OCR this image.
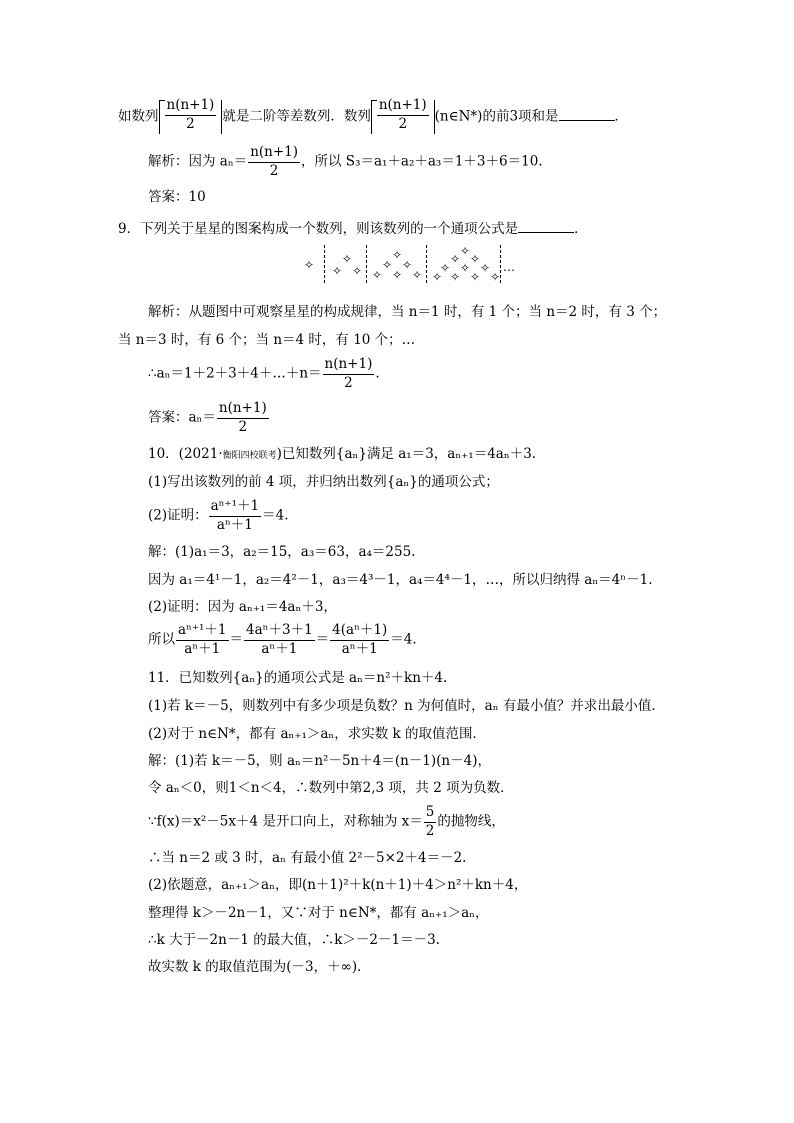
如数列 $\frac{n(n+1)}{2}$ 就是二阶等差数列．数列 $\frac{n(n+1)}{2}$ (n∈N*)的前3项和是	．
解析：因为 $a_n= \frac{n(n+1)}{2}$ ，所以 S₃＝a₁＋a₂＋a₃＝1＋3＋6＝10.
答案：10
9．下列关于星星的图案构成一个数列，则该数列的一个通项公式是	．
✧ ✧
✧
✧ ✧
✧
✧
✧
✧
✧ ✧
✧
✧
✧
✧
✧
✧
✧
✧
✧
…
解析：从题图中可观察星星的构成规律，当 n＝1 时，有 1 个；当 n＝2 时，有 3 个；
当 n＝3 时，有 6 个；当 n＝4 时，有 10 个；…
∴aₙ＝1＋2＋3＋4＋…＋n＝ $\frac{n(n+1)}{2}$ .
答案：$a_n= \frac{n(n+1)}{2}$
10．(2021·衡阳四校联考)已知数列{aₙ}满足 a₁＝3，aₙ₊₁＝4aₙ＋3.
(1)写出该数列的前 4 项，并归纳出数列{aₙ}的通项公式；
(2)证明： $\frac{\text{aⁿ⁺¹＋1}}{\text{aⁿ＋1}} =4$.
解：(1)a₁＝3，a₂＝15，a₃＝63，a₄＝255.
因为 a₁＝4¹－1，a₂＝4²－1，a₃＝4³－1，a₄＝4⁴－1，…，所以归纳得 aₙ＝4ⁿ－1.
(2)证明：因为 aₙ₊₁＝4aₙ＋3，
所以 $\frac{\text{aⁿ⁺¹＋1}}{\text{aⁿ＋1}} = \frac{\text{4aⁿ＋3＋1}}{\text{aⁿ＋1}} = \frac{\text{4(aⁿ＋1)}}{\text{aⁿ＋1}} =4$.
11．已知数列{aₙ}的通项公式是 aₙ＝n²＋kn＋4.
(1)若 k＝－5，则数列中有多少项是负数？n 为何值时，aₙ 有最小值？并求出最小值．
(2)对于 n∈N*，都有 aₙ₊₁＞aₙ，求实数 k 的取值范围．
解：(1)若 k＝－5，则 aₙ＝n²－5n＋4＝(n－1)(n－4)，
令 aₙ＜0，则1＜n＜4，∴数列中第2,3 项，共 2 项为负数．
∵f(x)＝x²－5x＋4 是开口向上，对称轴为 $x= \frac{5}{2}$ 的抛物线，
∴当 n＝2 或 3 时，aₙ 有最小值 2²－5×2＋4＝－2.
(2)依题意，aₙ₊₁＞aₙ，即(n＋1)²＋k(n＋1)＋4＞n²＋kn＋4，
整理得 k＞－2n－1，又∵对于 n∈N*，都有 aₙ₊₁＞aₙ，
∴k 大于－2n－1 的最大值，∴k＞－2－1＝－3.
故实数 k 的取值范围为(－3，＋∞)．
